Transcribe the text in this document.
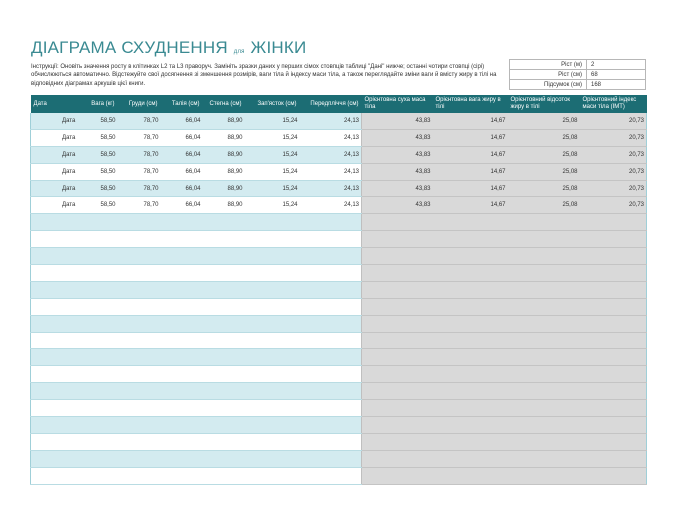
ДІАГРАМА СХУДНЕННЯ для ЖІНКИ
Інструкції: Оновіть значення росту в клітинках L2 та L3 праворуч. Замініть зразки даних у перших сімох стовпців таблиці "Дані" нижче; останні чотири стовпці (сірі) обчислюються автоматично. Відстежуйте свої досягнення зі зменшення розмірів, ваги тіла й індексу маси тіла, а також переглядайте зміни ваги й вмісту жиру в тілі на відповідних діаграмах аркушів цієї книги.
Ріст (м)	2
Ріст (см)	68
Підсумок (см)	168
Дата	Вага (кг)	Груди (см)	Талія (см)	Стегна (см)	Зап'ясток (см)	Передпліччя (см)	Орієнтовна суха маса тіла	Орієнтовна вага жиру в тілі	Орієнтовний відсоток жиру в тілі	Орієнтовний індекс маси тіла (ІМТ)
Дата	58,50	78,70	66,04	88,90	15,24	24,13	43,83	14,67	25,08	20,73
Дата	58,50	78,70	66,04	88,90	15,24	24,13	43,83	14,67	25,08	20,73
Дата	58,50	78,70	66,04	88,90	15,24	24,13	43,83	14,67	25,08	20,73
Дата	58,50	78,70	66,04	88,90	15,24	24,13	43,83	14,67	25,08	20,73
Дата	58,50	78,70	66,04	88,90	15,24	24,13	43,83	14,67	25,08	20,73
Дата	58,50	78,70	66,04	88,90	15,24	24,13	43,83	14,67	25,08	20,73
